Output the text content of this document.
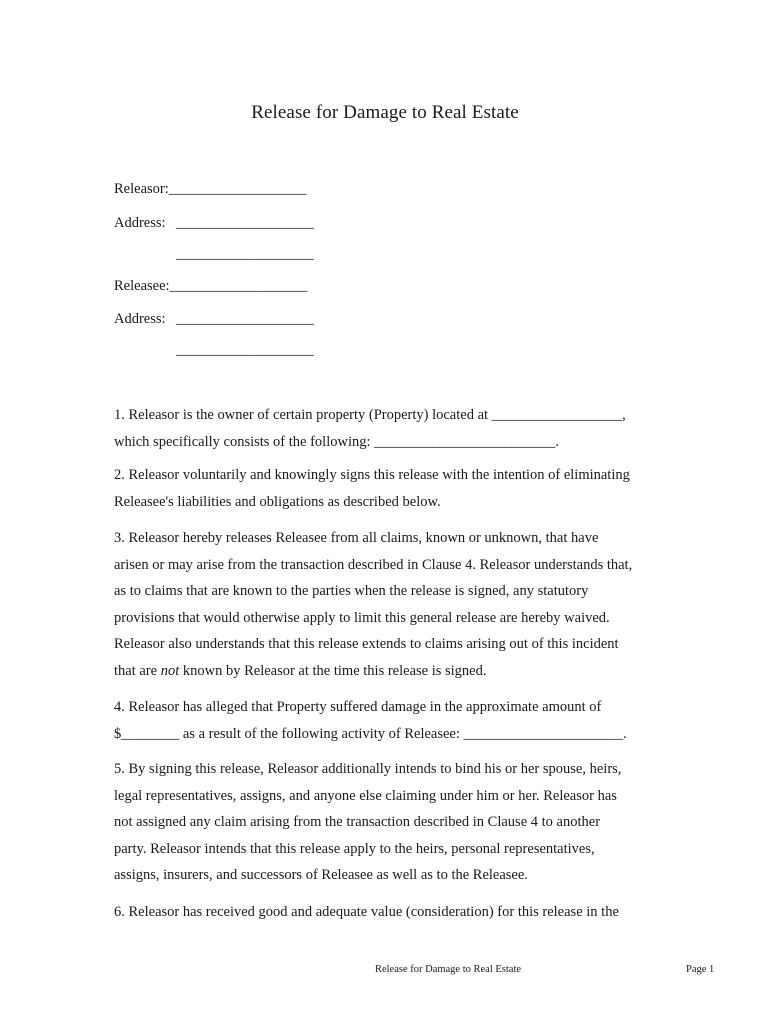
Release for Damage to Real Estate
Releasor:___________________
Address: ___________________
___________________
Releasee:___________________
Address: ___________________
___________________
1. Releasor is the owner of certain property (Property) located at __________________,
which specifically consists of the following: _________________________.
2. Releasor voluntarily and knowingly signs this release with the intention of eliminating
Releasee's liabilities and obligations as described below.
3. Releasor hereby releases Releasee from all claims, known or unknown, that have
arisen or may arise from the transaction described in Clause 4. Releasor understands that,
as to claims that are known to the parties when the release is signed, any statutory
provisions that would otherwise apply to limit this general release are hereby waived.
Releasor also understands that this release extends to claims arising out of this incident
that are not known by Releasor at the time this release is signed.
4. Releasor has alleged that Property suffered damage in the approximate amount of
$________ as a result of the following activity of Releasee: ______________________.
5. By signing this release, Releasor additionally intends to bind his or her spouse, heirs,
legal representatives, assigns, and anyone else claiming under him or her. Releasor has
not assigned any claim arising from the transaction described in Clause 4 to another
party. Releasor intends that this release apply to the heirs, personal representatives,
assigns, insurers, and successors of Releasee as well as to the Releasee.
6. Releasor has received good and adequate value (consideration) for this release in the
Release for Damage to Real Estate	Page 1
